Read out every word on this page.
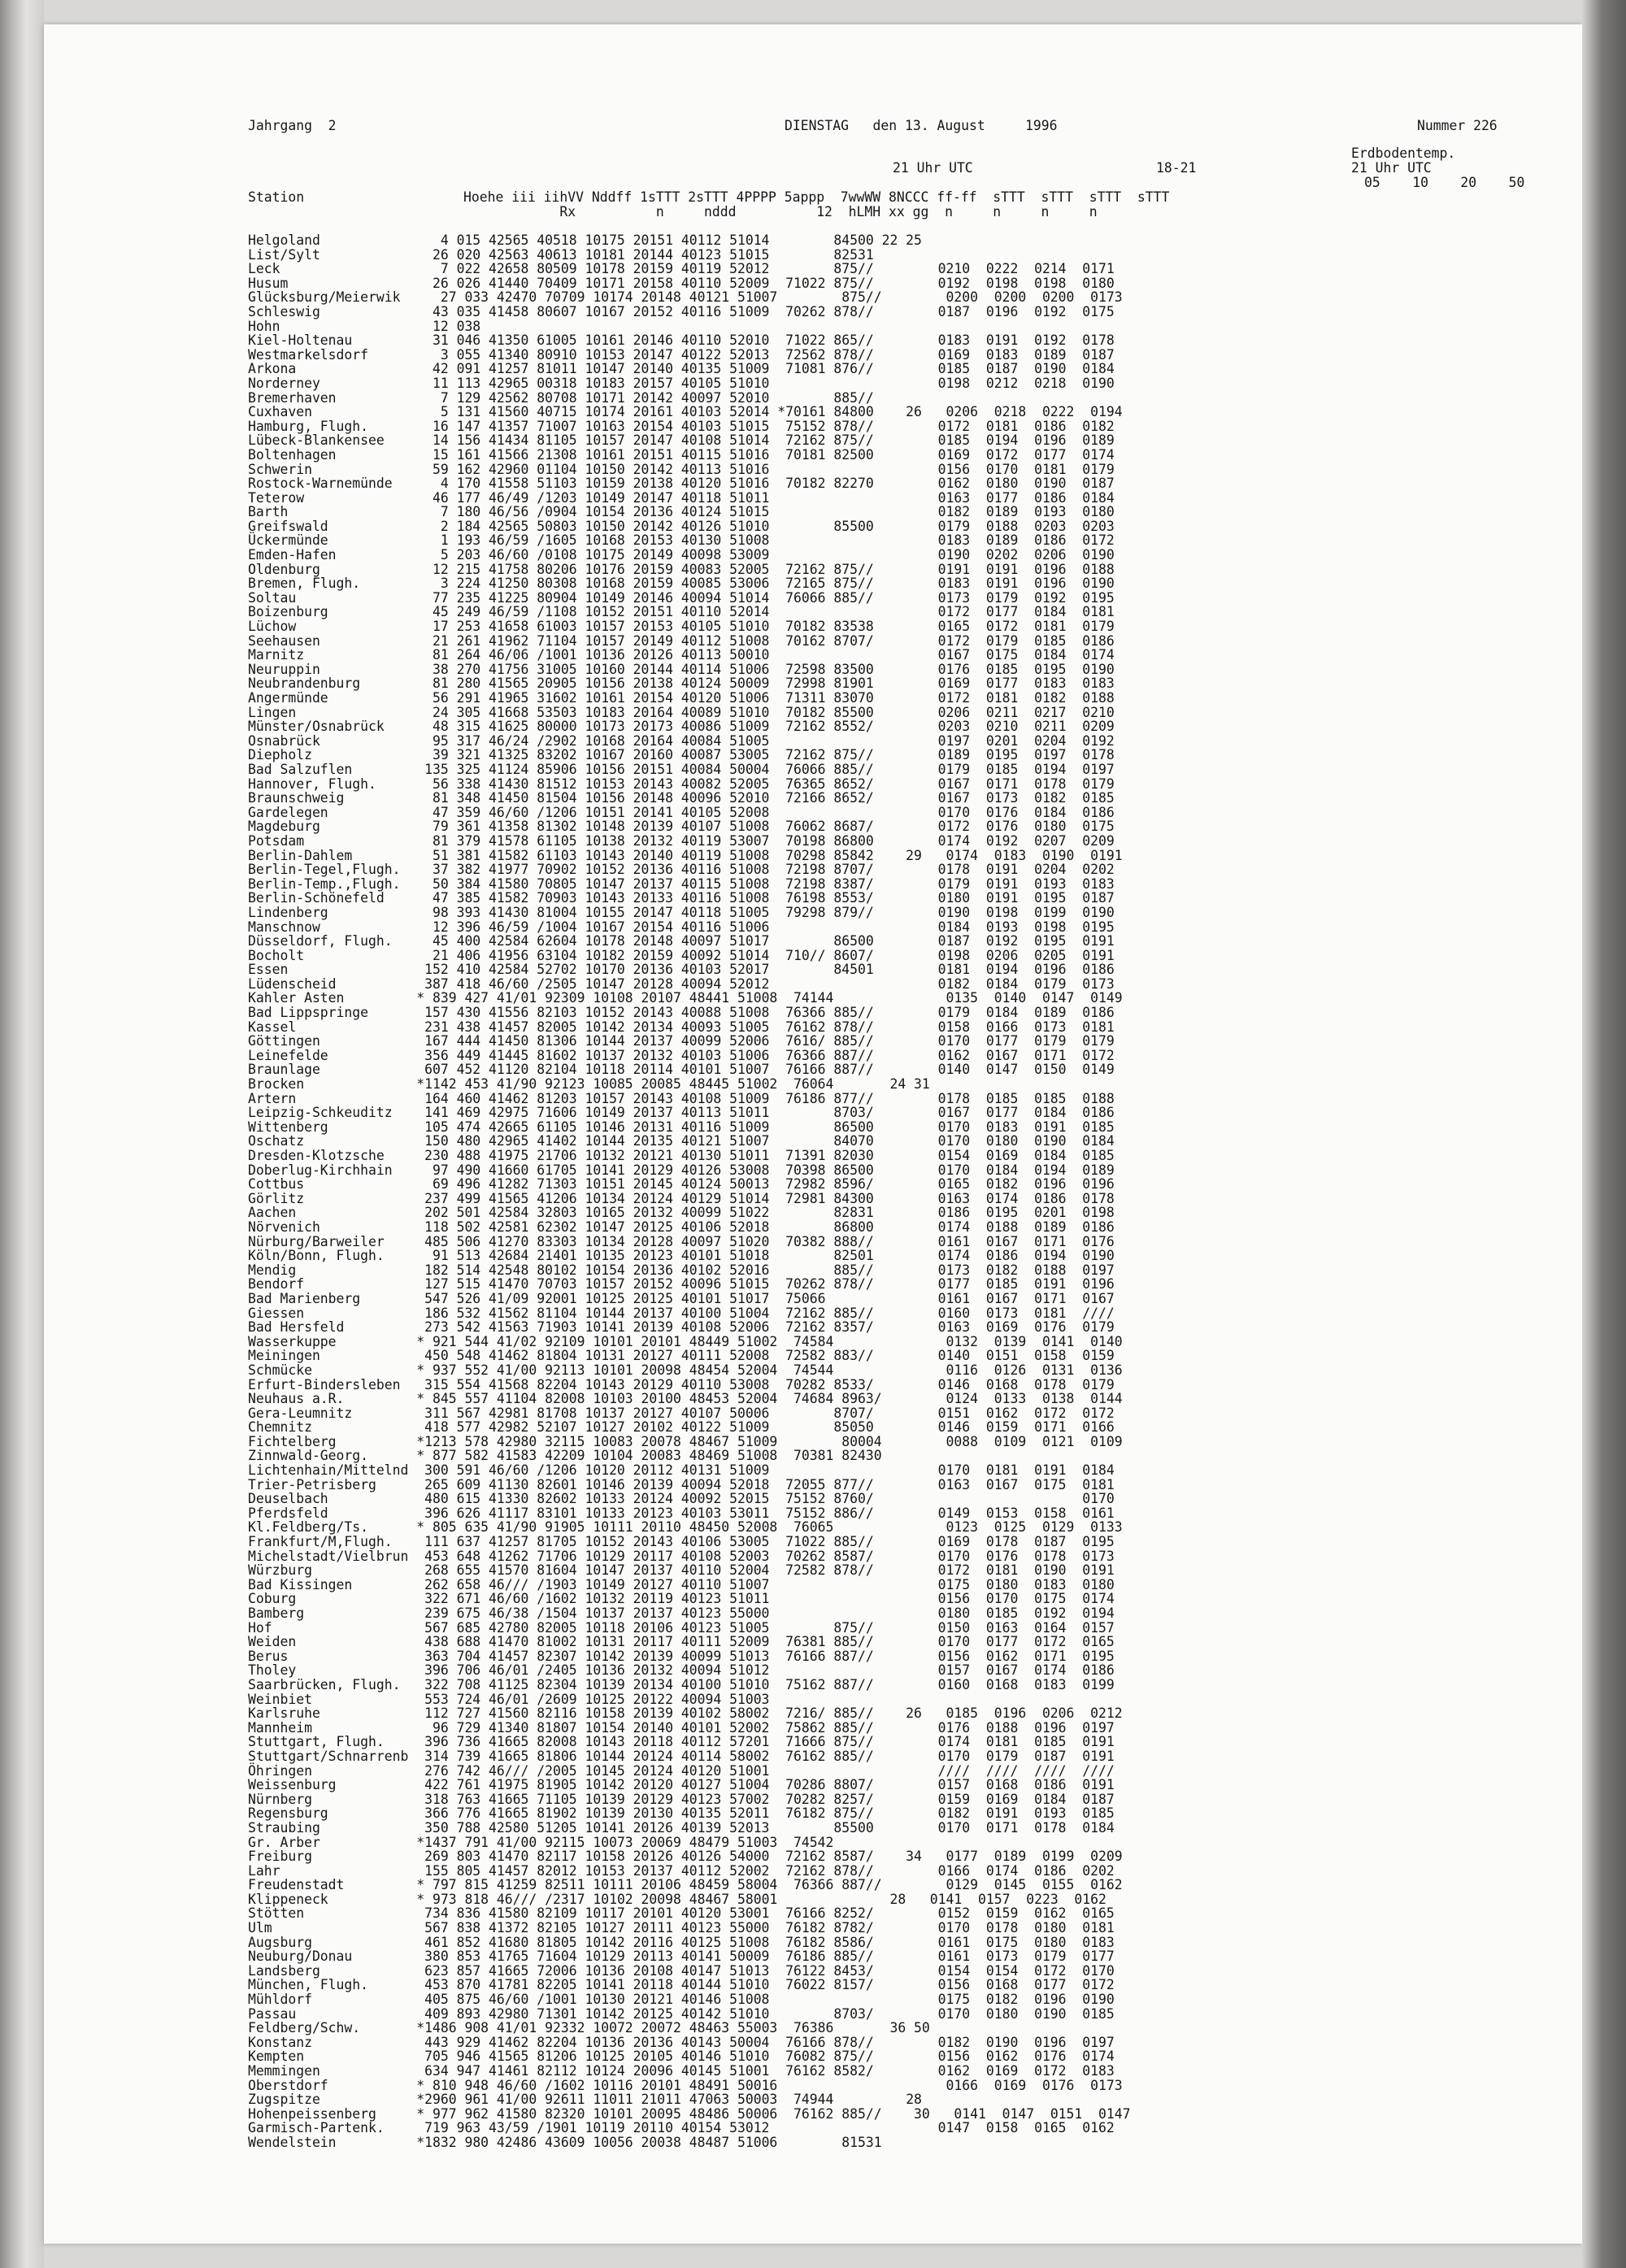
Jahrgang  2	DIENSTAG   den 13. August     1996	Nummer 226
Erdbodentemp.
21 Uhr UTC	18-21	21 Uhr UTC
05    10    20    50
Station	Hoehe iii iihVV Nddff 1sTTT 2sTTT 4PPPP 5appp  7wwWW 8NCCC ff-ff  sTTT  sTTT  sTTT  sTTT
Rx          n     nddd          12  hLMH xx gg  n     n     n     n
Helgoland               4 015 42565 40518 10175 20151 40112 51014        84500 22 25
List/Sylt              26 020 42563 40613 10181 20144 40123 51015        82531
Leck                    7 022 42658 80509 10178 20159 40119 52012        875//        0210  0222  0214  0171
Husum                  26 026 41440 70409 10171 20158 40110 52009  71022 875//        0192  0198  0198  0180
Glücksburg/Meierwik     27 033 42470 70709 10174 20148 40121 51007        875//        0200  0200  0200  0173
Schleswig              43 035 41458 80607 10167 20152 40116 51009  70262 878//        0187  0196  0192  0175
Hohn                   12 038
Kiel-Holtenau          31 046 41350 61005 10161 20146 40110 52010  71022 865//        0183  0191  0192  0178
Westmarkelsdorf         3 055 41340 80910 10153 20147 40122 52013  72562 878//        0169  0183  0189  0187
Arkona                 42 091 41257 81011 10147 20140 40135 51009  71081 876//        0185  0187  0190  0184
Norderney              11 113 42965 00318 10183 20157 40105 51010                     0198  0212  0218  0190
Bremerhaven             7 129 42562 80708 10171 20142 40097 52010        885//
Cuxhaven                5 131 41560 40715 10174 20161 40103 52014 *70161 84800    26   0206  0218  0222  0194
Hamburg, Flugh.        16 147 41357 71007 10163 20154 40103 51015  75152 878//        0172  0181  0186  0182
Lübeck-Blankensee      14 156 41434 81105 10157 20147 40108 51014  72162 875//        0185  0194  0196  0189
Boltenhagen            15 161 41566 21308 10161 20151 40115 51016  70181 82500        0169  0172  0177  0174
Schwerin               59 162 42960 01104 10150 20142 40113 51016                     0156  0170  0181  0179
Rostock-Warnemünde      4 170 41558 51103 10159 20138 40120 51016  70182 82270        0162  0180  0190  0187
Teterow                46 177 46/49 /1203 10149 20147 40118 51011                     0163  0177  0186  0184
Barth                   7 180 46/56 /0904 10154 20136 40124 51015                     0182  0189  0193  0180
Greifswald              2 184 42565 50803 10150 20142 40126 51010        85500        0179  0188  0203  0203
Ückermünde              1 193 46/59 /1605 10168 20153 40130 51008                     0183  0189  0186  0172
Emden-Hafen             5 203 46/60 /0108 10175 20149 40098 53009                     0190  0202  0206  0190
Oldenburg              12 215 41758 80206 10176 20159 40083 52005  72162 875//        0191  0191  0196  0188
Bremen, Flugh.          3 224 41250 80308 10168 20159 40085 53006  72165 875//        0183  0191  0196  0190
Soltau                 77 235 41225 80904 10149 20146 40094 51014  76066 885//        0173  0179  0192  0195
Boizenburg             45 249 46/59 /1108 10152 20151 40110 52014                     0172  0177  0184  0181
Lüchow                 17 253 41658 61003 10157 20153 40105 51010  70182 83538        0165  0172  0181  0179
Seehausen              21 261 41962 71104 10157 20149 40112 51008  70162 8707/        0172  0179  0185  0186
Marnitz                81 264 46/06 /1001 10136 20126 40113 50010                     0167  0175  0184  0174
Neuruppin              38 270 41756 31005 10160 20144 40114 51006  72598 83500        0176  0185  0195  0190
Neubrandenburg         81 280 41565 20905 10156 20138 40124 50009  72998 81901        0169  0177  0183  0183
Angermünde             56 291 41965 31602 10161 20154 40120 51006  71311 83070        0172  0181  0182  0188
Lingen                 24 305 41668 53503 10183 20164 40089 51010  70182 85500        0206  0211  0217  0210
Münster/Osnabrück      48 315 41625 80000 10173 20173 40086 51009  72162 8552/        0203  0210  0211  0209
Osnabrück              95 317 46/24 /2902 10168 20164 40084 51005                     0197  0201  0204  0192
Diepholz               39 321 41325 83202 10167 20160 40087 53005  72162 875//        0189  0195  0197  0178
Bad Salzuflen         135 325 41124 85906 10156 20151 40084 50004  76066 885//        0179  0185  0194  0197
Hannover, Flugh.       56 338 41430 81512 10153 20143 40082 52005  76365 8652/        0167  0171  0178  0179
Braunschweig           81 348 41450 81504 10156 20148 40096 52010  72166 8652/        0167  0173  0182  0185
Gardelegen             47 359 46/60 /1206 10151 20141 40105 52008                     0170  0176  0184  0186
Magdeburg              79 361 41358 81302 10148 20139 40107 51008  76062 8687/        0172  0176  0180  0175
Potsdam                81 379 41578 61105 10138 20132 40119 53007  70198 86800        0174  0192  0207  0209
Berlin-Dahlem          51 381 41582 61103 10143 20140 40119 51008  70298 85842    29   0174  0183  0190  0191
Berlin-Tegel,Flugh.    37 382 41977 70902 10152 20136 40116 51008  72198 8707/        0178  0191  0204  0202
Berlin-Temp.,Flugh.    50 384 41580 70805 10147 20137 40115 51008  72198 8387/        0179  0191  0193  0183
Berlin-Schönefeld      47 385 41582 70903 10143 20133 40116 51008  76198 8553/        0180  0191  0195  0187
Lindenberg             98 393 41430 81004 10155 20147 40118 51005  79298 879//        0190  0198  0199  0190
Manschnow              12 396 46/59 /1004 10167 20154 40116 51006                     0184  0193  0198  0195
Düsseldorf, Flugh.     45 400 42584 62604 10178 20148 40097 51017        86500        0187  0192  0195  0191
Bocholt                21 406 41956 63104 10182 20159 40092 51014  710// 8607/        0198  0206  0205  0191
Essen                 152 410 42584 52702 10170 20136 40103 52017        84501        0181  0194  0196  0186
Lüdenscheid           387 418 46/60 /2505 10147 20128 40094 52012                     0182  0184  0179  0173
Kahler Asten         * 839 427 41/01 92309 10108 20107 48441 51008  74144              0135  0140  0147  0149
Bad Lippspringe       157 430 41556 82103 10152 20143 40088 51008  76366 885//        0179  0184  0189  0186
Kassel                231 438 41457 82005 10142 20134 40093 51005  76162 878//        0158  0166  0173  0181
Göttingen             167 444 41450 81306 10144 20137 40099 52006  7616/ 885//        0170  0177  0179  0179
Leinefelde            356 449 41445 81602 10137 20132 40103 51006  76366 887//        0162  0167  0171  0172
Braunlage             607 452 41120 82104 10118 20114 40101 51007  76166 887//        0140  0147  0150  0149
Brocken              *1142 453 41/90 92123 10085 20085 48445 51002  76064       24 31
Artern                164 460 41462 81203 10157 20143 40108 51009  76186 877//        0178  0185  0185  0188
Leipzig-Schkeuditz    141 469 42975 71606 10149 20137 40113 51011        8703/        0167  0177  0184  0186
Wittenberg            105 474 42665 61105 10146 20131 40116 51009        86500        0170  0183  0191  0185
Oschatz               150 480 42965 41402 10144 20135 40121 51007        84070        0170  0180  0190  0184
Dresden-Klotzsche     230 488 41975 21706 10132 20121 40130 51011  71391 82030        0154  0169  0184  0185
Doberlug-Kirchhain     97 490 41660 61705 10141 20129 40126 53008  70398 86500        0170  0184  0194  0189
Cottbus                69 496 41282 71303 10151 20145 40124 50013  72982 8596/        0165  0182  0196  0196
Görlitz               237 499 41565 41206 10134 20124 40129 51014  72981 84300        0163  0174  0186  0178
Aachen                202 501 42584 32803 10165 20132 40099 51022        82831        0186  0195  0201  0198
Nörvenich             118 502 42581 62302 10147 20125 40106 52018        86800        0174  0188  0189  0186
Nürburg/Barweiler     485 506 41270 83303 10134 20128 40097 51020  70382 888//        0161  0167  0171  0176
Köln/Bonn, Flugh.      91 513 42684 21401 10135 20123 40101 51018        82501        0174  0186  0194  0190
Mendig                182 514 42548 80102 10154 20136 40102 52016        885//        0173  0182  0188  0197
Bendorf               127 515 41470 70703 10157 20152 40096 51015  70262 878//        0177  0185  0191  0196
Bad Marienberg        547 526 41/09 92001 10125 20125 40101 51017  75066              0161  0167  0171  0167
Giessen               186 532 41562 81104 10144 20137 40100 51004  72162 885//        0160  0173  0181  ////
Bad Hersfeld          273 542 41563 71903 10141 20139 40108 52006  72162 8357/        0163  0169  0176  0179
Wasserkuppe          * 921 544 41/02 92109 10101 20101 48449 51002  74584              0132  0139  0141  0140
Meiningen             450 548 41462 81804 10131 20127 40111 52008  72582 883//        0140  0151  0158  0159
Schmücke             * 937 552 41/00 92113 10101 20098 48454 52004  74544              0116  0126  0131  0136
Erfurt-Bindersleben   315 554 41568 82204 10143 20129 40110 53008  70282 8533/        0146  0168  0178  0179
Neuhaus a.R.         * 845 557 41104 82008 10103 20100 48453 52004  74684 8963/        0124  0133  0138  0144
Gera-Leumnitz         311 567 42981 81708 10137 20127 40107 50006        8707/        0151  0162  0172  0172
Chemnitz              418 577 42982 52107 10127 20102 40122 51009        85050        0146  0159  0171  0166
Fichtelberg          *1213 578 42980 32115 10083 20078 48467 51009        80004        0088  0109  0121  0109
Zinnwald-Georg.      * 877 582 41583 42209 10104 20083 48469 51008  70381 82430
Lichtenhain/Mittelnd  300 591 46/60 /1206 10120 20112 40131 51009                     0170  0181  0191  0184
Trier-Petrisberg      265 609 41130 82601 10146 20139 40094 52018  72055 877//        0163  0167  0175  0181
Deuselbach            480 615 41330 82602 10133 20124 40092 52015  75152 8760/                          0170
Pferdsfeld            396 626 41117 83101 10133 20123 40103 53011  75152 886//        0149  0153  0158  0161
Kl.Feldberg/Ts.      * 805 635 41/90 91905 10111 20110 48450 52008  76065              0123  0125  0129  0133
Frankfurt/M,Flugh.    111 637 41257 81705 10152 20143 40106 53005  71022 885//        0169  0178  0187  0195
Michelstadt/Vielbrun  453 648 41262 71706 10129 20117 40108 52003  70262 8587/        0170  0176  0178  0173
Würzburg              268 655 41570 81604 10147 20137 40110 52004  72582 878//        0172  0181  0190  0191
Bad Kissingen         262 658 46/// /1903 10149 20127 40110 51007                     0175  0180  0183  0180
Coburg                322 671 46/60 /1602 10132 20119 40123 51011                     0156  0170  0175  0174
Bamberg               239 675 46/38 /1504 10137 20137 40123 55000                     0180  0185  0192  0194
Hof                   567 685 42780 82005 10118 20106 40123 51005        875//        0150  0163  0164  0157
Weiden                438 688 41470 81002 10131 20117 40111 52009  76381 885//        0170  0177  0172  0165
Berus                 363 704 41457 82307 10142 20139 40099 51013  76166 887//        0156  0162  0171  0195
Tholey                396 706 46/01 /2405 10136 20132 40094 51012                     0157  0167  0174  0186
Saarbrücken, Flugh.   322 708 41125 82304 10139 20134 40100 51010  75162 887//        0160  0168  0183  0199
Weinbiet              553 724 46/01 /2609 10125 20122 40094 51003
Karlsruhe             112 727 41560 82116 10158 20139 40102 58002  7216/ 885//    26   0185  0196  0206  0212
Mannheim               96 729 41340 81807 10154 20140 40101 52002  75862 885//        0176  0188  0196  0197
Stuttgart, Flugh.     396 736 41665 82008 10143 20118 40112 57201  71666 875//        0174  0181  0185  0191
Stuttgart/Schnarrenb  314 739 41665 81806 10144 20124 40114 58002  76162 885//        0170  0179  0187  0191
Öhringen              276 742 46/// /2005 10145 20124 40120 51001                     ////  ////  ////  ////
Weissenburg           422 761 41975 81905 10142 20120 40127 51004  70286 8807/        0157  0168  0186  0191
Nürnberg              318 763 41665 71105 10139 20129 40123 57002  70282 8257/        0159  0169  0184  0187
Regensburg            366 776 41665 81902 10139 20130 40135 52011  76182 875//        0182  0191  0193  0185
Straubing             350 788 42580 51205 10141 20126 40139 52013        85500        0170  0171  0178  0184
Gr. Arber            *1437 791 41/00 92115 10073 20069 48479 51003  74542
Freiburg              269 803 41470 82117 10158 20126 40126 54000  72162 8587/    34   0177  0189  0199  0209
Lahr                  155 805 41457 82012 10153 20137 40112 52002  72162 878//        0166  0174  0186  0202
Freudenstadt         * 797 815 41259 82511 10111 20106 48459 58004  76366 887//        0129  0145  0155  0162
Klippeneck           * 973 818 46/// /2317 10102 20098 48467 58001              28   0141  0157  0223  0162
Stötten               734 836 41580 82109 10117 20101 40120 53001  76166 8252/        0152  0159  0162  0165
Ulm                   567 838 41372 82105 10127 20111 40123 55000  76182 8782/        0170  0178  0180  0181
Augsburg              461 852 41680 81805 10142 20116 40125 51008  76182 8586/        0161  0175  0180  0183
Neuburg/Donau         380 853 41765 71604 10129 20113 40141 50009  76186 885//        0161  0173  0179  0177
Landsberg             623 857 41665 72006 10136 20108 40147 51013  76122 8453/        0154  0154  0172  0170
München, Flugh.       453 870 41781 82205 10141 20118 40144 51010  76022 8157/        0156  0168  0177  0172
Mühldorf              405 875 46/60 /1001 10130 20121 40146 51008                     0175  0182  0196  0190
Passau                409 893 42980 71301 10142 20125 40142 51010        8703/        0170  0180  0190  0185
Feldberg/Schw.       *1486 908 41/01 92332 10072 20072 48463 55003  76386       36 50
Konstanz              443 929 41462 82204 10136 20136 40143 50004  76166 878//        0182  0190  0196  0197
Kempten               705 946 41565 81206 10125 20105 40146 51010  76082 875//        0156  0162  0176  0174
Memmingen             634 947 41461 82112 10124 20096 40145 51001  76162 8582/        0162  0169  0172  0183
Oberstdorf           * 810 948 46/60 /1602 10116 20101 48491 50016                     0166  0169  0176  0173
Zugspitze            *2960 961 41/00 92611 11011 21011 47063 50003  74944         28
Hohenpeissenberg     * 977 962 41580 82320 10101 20095 48486 50006  76162 885//    30   0141  0147  0151  0147
Garmisch-Partenk.     719 963 43/59 /1901 10119 20110 40154 53012                     0147  0158  0165  0162
Wendelstein          *1832 980 42486 43609 10056 20038 48487 51006        81531
